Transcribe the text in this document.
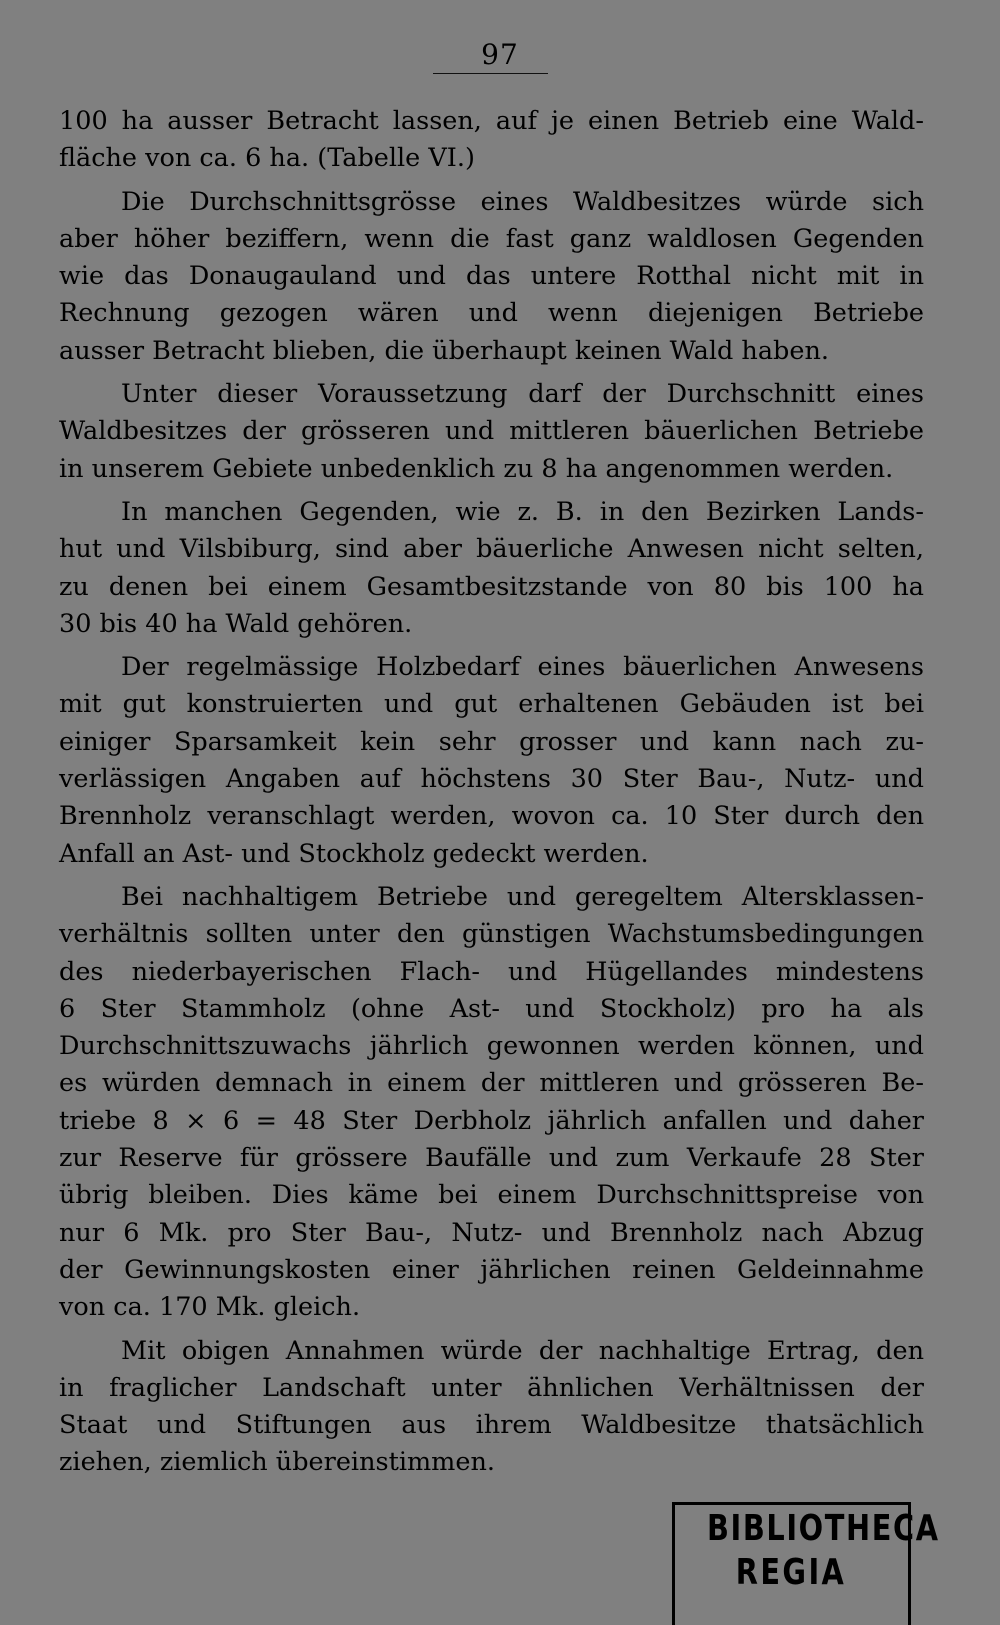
97

100 ha ausser Betracht lassen, auf je einen Betrieb eine Wald-
fläche von ca. 6 ha. (Tabelle VI.)

Die Durchschnittsgrösse eines Waldbesitzes würde sich
aber höher beziffern, wenn die fast ganz waldlosen Gegenden
wie das Donaugauland und das untere Rotthal nicht mit in
Rechnung gezogen wären und wenn diejenigen Betriebe
ausser Betracht blieben, die überhaupt keinen Wald haben.

Unter dieser Voraussetzung darf der Durchschnitt eines
Waldbesitzes der grösseren und mittleren bäuerlichen Betriebe
in unserem Gebiete unbedenklich zu 8 ha angenommen werden.

In manchen Gegenden, wie z. B. in den Bezirken Lands-
hut und Vilsbiburg, sind aber bäuerliche Anwesen nicht selten,
zu denen bei einem Gesamtbesitzstande von 80 bis 100 ha
30 bis 40 ha Wald gehören.

Der regelmässige Holzbedarf eines bäuerlichen Anwesens
mit gut konstruierten und gut erhaltenen Gebäuden ist bei
einiger Sparsamkeit kein sehr grosser und kann nach zu-
verlässigen Angaben auf höchstens 30 Ster Bau-, Nutz- und
Brennholz veranschlagt werden, wovon ca. 10 Ster durch den
Anfall an Ast- und Stockholz gedeckt werden.

Bei nachhaltigem Betriebe und geregeltem Altersklassen-
verhältnis sollten unter den günstigen Wachstumsbedingungen
des niederbayerischen Flach- und Hügellandes mindestens
6 Ster Stammholz (ohne Ast- und Stockholz) pro ha als
Durchschnittszuwachs jährlich gewonnen werden können, und
es würden demnach in einem der mittleren und grösseren Be-
triebe 8 × 6 = 48 Ster Derbholz jährlich anfallen und daher
zur Reserve für grössere Baufälle und zum Verkaufe 28 Ster
übrig bleiben. Dies käme bei einem Durchschnittspreise von
nur 6 Mk. pro Ster Bau-, Nutz- und Brennholz nach Abzug
der Gewinnungskosten einer jährlichen reinen Geldeinnahme
von ca. 170 Mk. gleich.

Mit obigen Annahmen würde der nachhaltige Ertrag, den
in fraglicher Landschaft unter ähnlichen Verhältnissen der
Staat und Stiftungen aus ihrem Waldbesitze thatsächlich
ziehen, ziemlich übereinstimmen.

BIBLIOTHECA
REGIA
